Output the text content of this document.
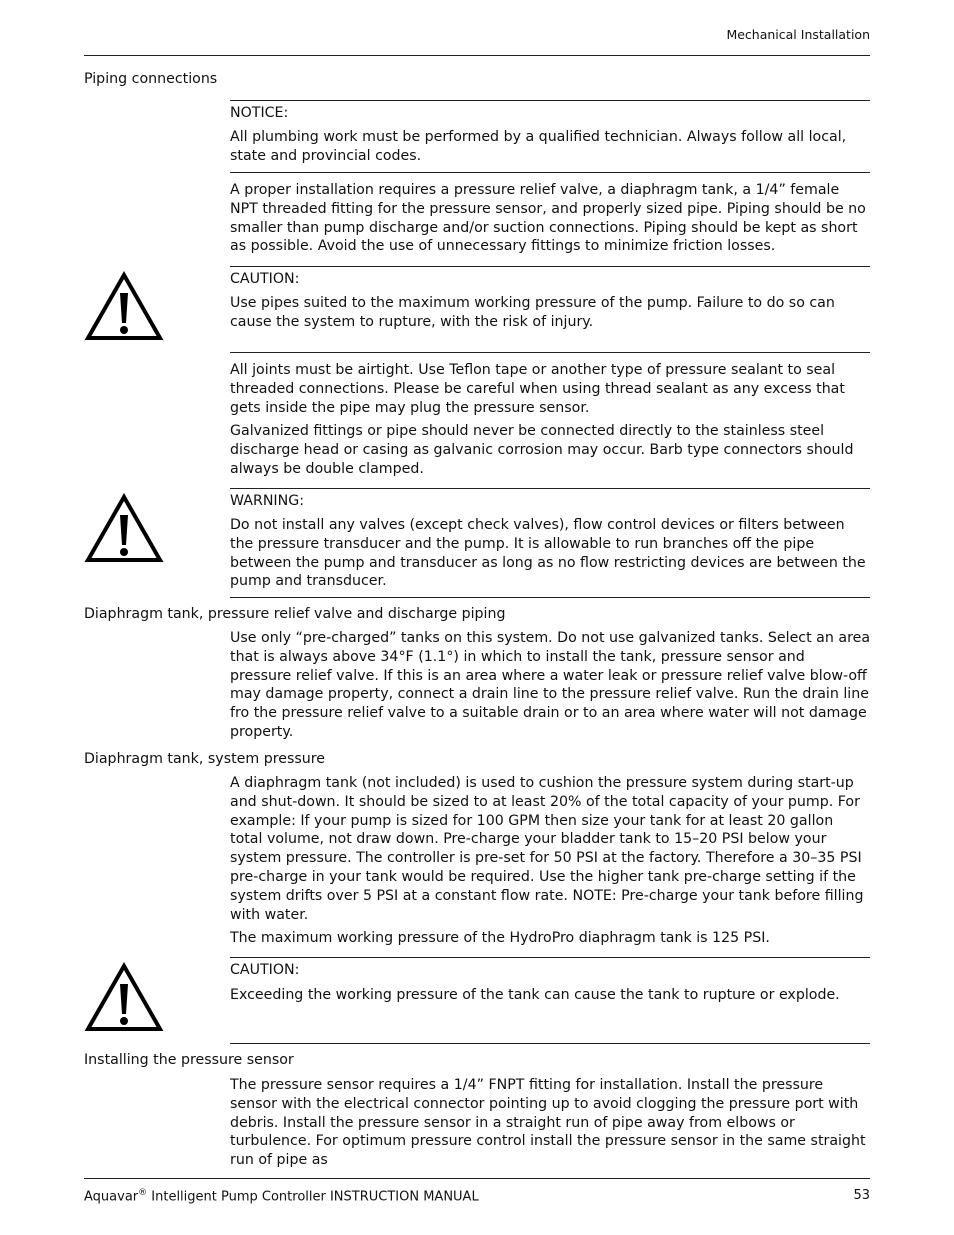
Mechanical Installation
Piping connections
NOTICE:

All plumbing work must be performed by a qualified technician. Always follow all local, state and provincial codes.

A proper installation requires a pressure relief valve, a diaphragm tank, a 1/4” female NPT threaded fitting for the pressure sensor, and properly sized pipe. Piping should be no smaller than pump discharge and/or suction connections. Piping should be kept as short as possible. Avoid the use of unnecessary fittings to minimize friction losses.

CAUTION:

Use pipes suited to the maximum working pressure of the pump. Failure to do so can cause the system to rupture, with the risk of injury.

All joints must be airtight. Use Teflon tape or another type of pressure sealant to seal threaded connections. Please be careful when using thread sealant as any excess that gets inside the pipe may plug the pressure sensor.

Galvanized fittings or pipe should never be connected directly to the stainless steel discharge head or casing as galvanic corrosion may occur. Barb type connectors should always be double clamped.

WARNING:

Do not install any valves (except check valves), flow control devices or filters between the pressure transducer and the pump. It is allowable to run branches off the pipe between the pump and transducer as long as no flow restricting devices are between the pump and transducer.

Diaphragm tank, pressure relief valve and discharge piping

Use only “pre-charged” tanks on this system. Do not use galvanized tanks. Select an area that is always above 34°F (1.1°) in which to install the tank, pressure sensor and pressure relief valve. If this is an area where a water leak or pressure relief valve blow-off may damage property, connect a drain line to the pressure relief valve. Run the drain line fro the pressure relief valve to a suitable drain or to an area where water will not damage property.

Diaphragm tank, system pressure

A diaphragm tank (not included) is used to cushion the pressure system during start-up and shut-down. It should be sized to at least 20% of the total capacity of your pump. For example: If your pump is sized for 100 GPM then size your tank for at least 20 gallon total volume, not draw down. Pre-charge your bladder tank to 15–20 PSI below your system pressure. The controller is pre-set for 50 PSI at the factory. Therefore a 30–35 PSI pre-charge in your tank would be required. Use the higher tank pre-charge setting if the system drifts over 5 PSI at a constant flow rate. NOTE: Pre-charge your tank before filling with water.

The maximum working pressure of the HydroPro diaphragm tank is 125 PSI.

CAUTION:

Exceeding the working pressure of the tank can cause the tank to rupture or explode.

Installing the pressure sensor

The pressure sensor requires a 1/4” FNPT fitting for installation. Install the pressure sensor with the electrical connector pointing up to avoid clogging the pressure port with debris. Install the pressure sensor in a straight run of pipe away from elbows or turbulence. For optimum pressure control install the pressure sensor in the same straight run of pipe as

Aquavar® Intelligent Pump Controller INSTRUCTION MANUAL	53
